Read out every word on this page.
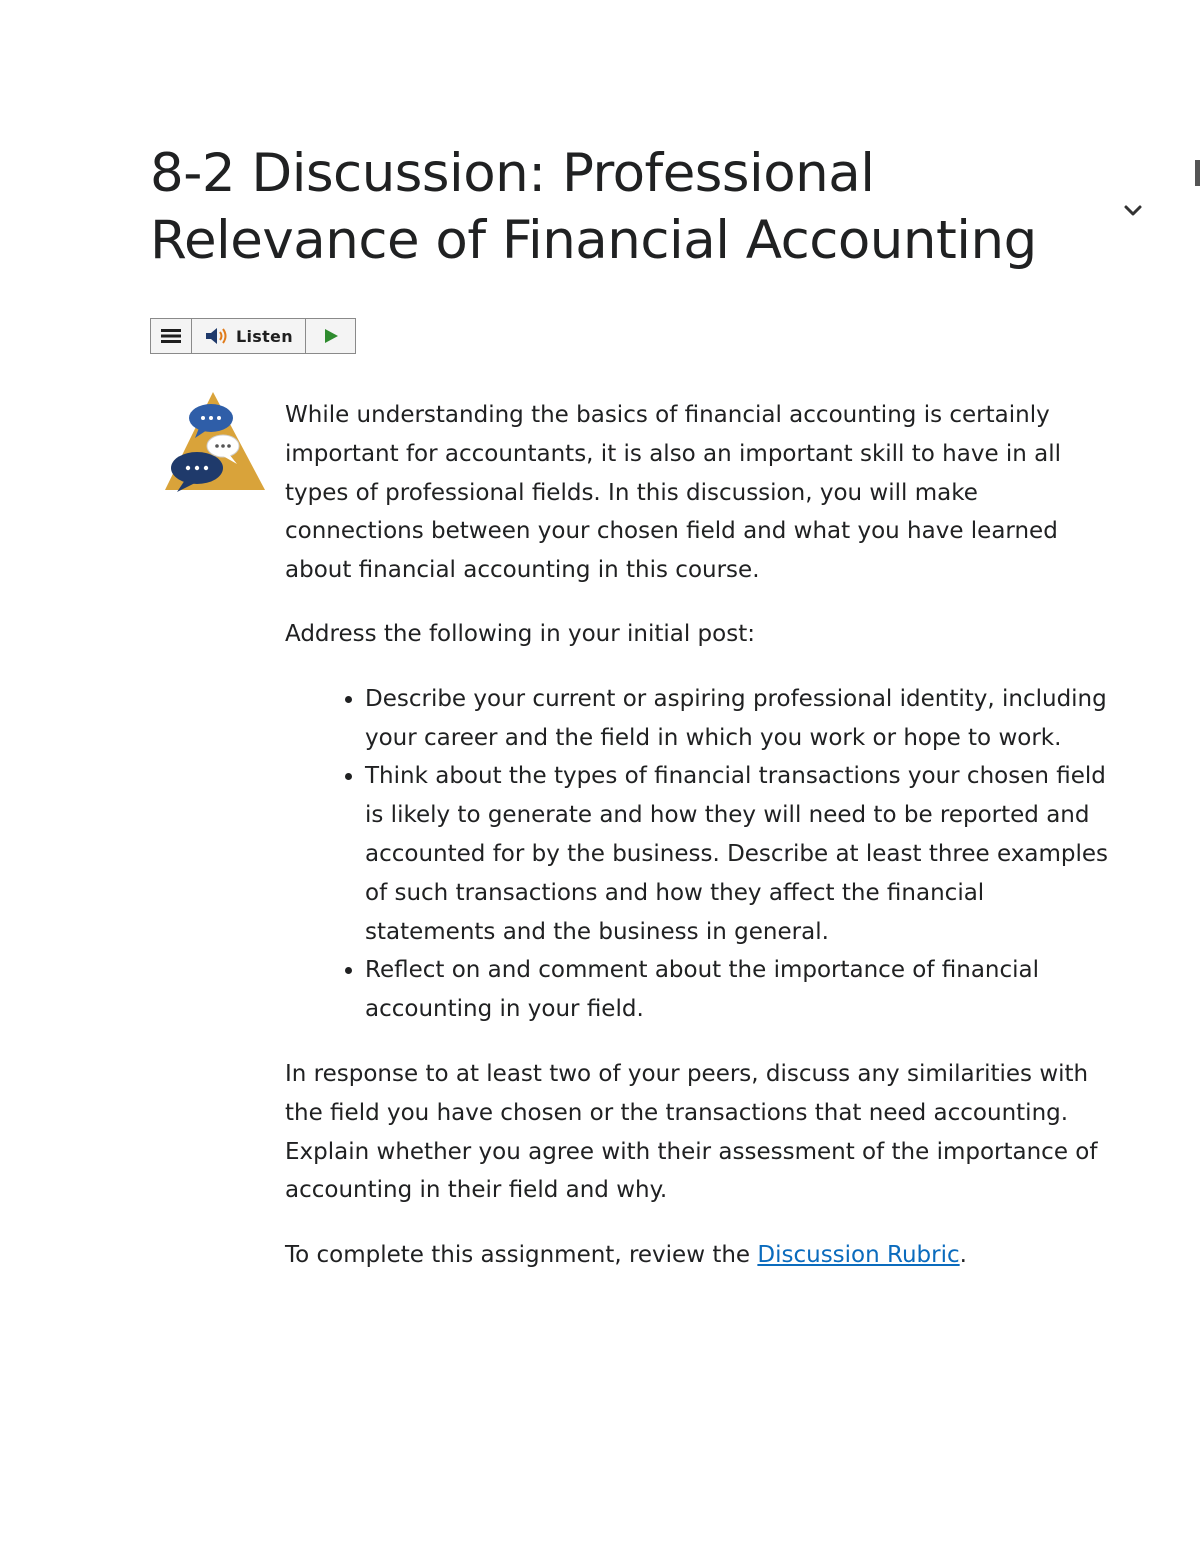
8-2 Discussion: Professional Relevance of Financial Accounting
Listen

While understanding the basics of financial accounting is certainly important for accountants, it is also an important skill to have in all types of professional fields. In this discussion, you will make connections between your chosen field and what you have learned about financial accounting in this course.

Address the following in your initial post:

• Describe your current or aspiring professional identity, including your career and the field in which you work or hope to work.
• Think about the types of financial transactions your chosen field is likely to generate and how they will need to be reported and accounted for by the business. Describe at least three examples of such transactions and how they affect the financial statements and the business in general.
• Reflect on and comment about the importance of financial accounting in your field.

In response to at least two of your peers, discuss any similarities with the field you have chosen or the transactions that need accounting. Explain whether you agree with their assessment of the importance of accounting in their field and why.

To complete this assignment, review the Discussion Rubric.
